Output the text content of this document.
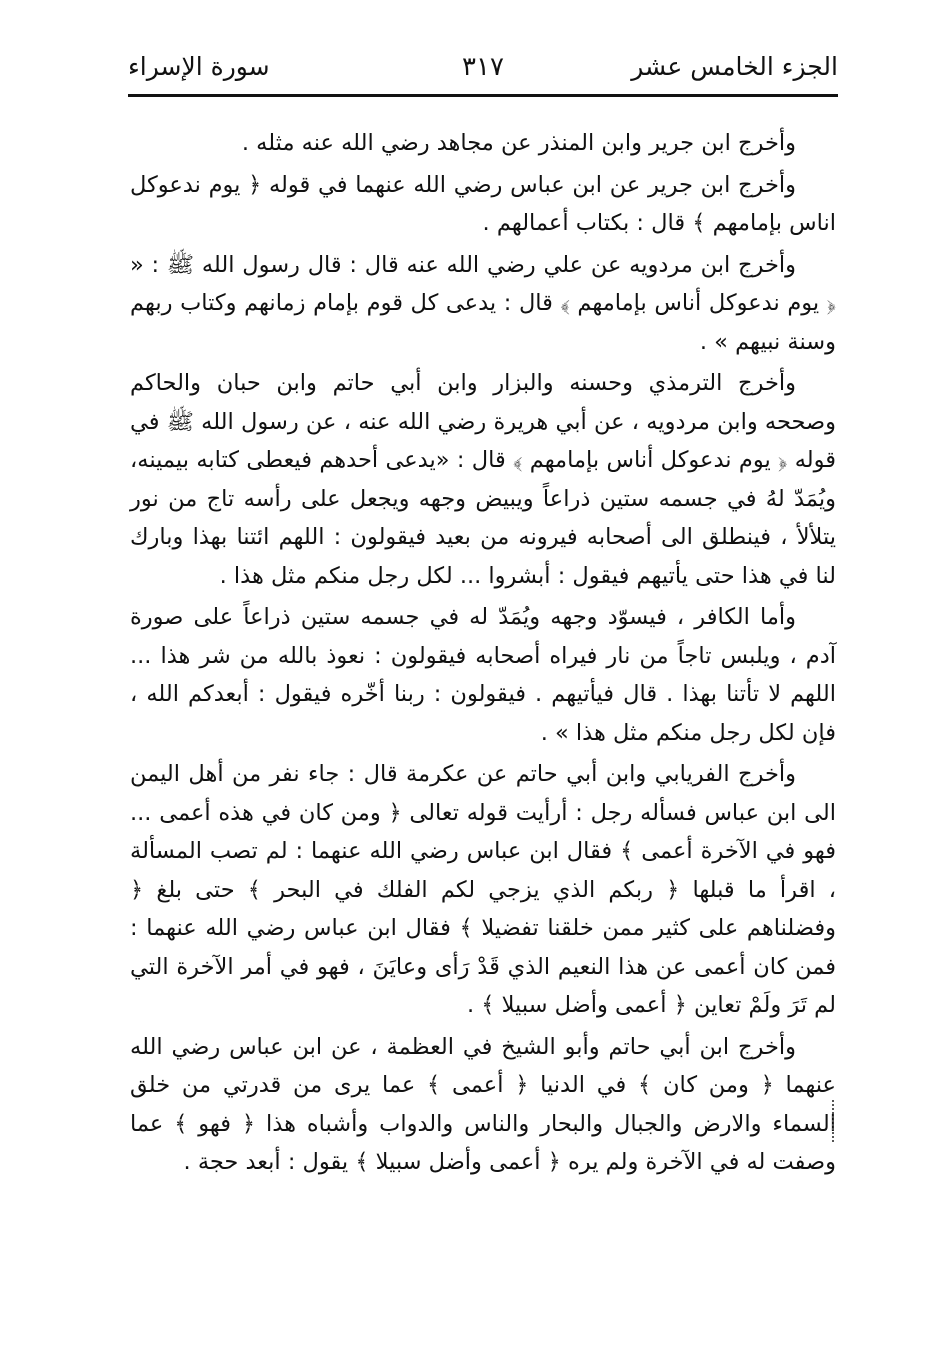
الجزء الخامس عشر
٣١٧
سورة الإسراء

وأخرج ابن جرير وابن المنذر عن مجاهد رضي الله عنه مثله .

وأخرج ابن جرير عن ابن عباس رضي الله عنهما في قوله ﴿ يوم ندعوكل اناس بإمامهم ﴾ قال : بكتاب أعمالهم .

وأخرج ابن مردويه عن علي رضي الله عنه قال : قال رسول الله ﷺ : « ﴿ يوم ندعوكل أناس بإمامهم ﴾ قال : يدعى كل قوم بإمام زمانهم وكتاب ربهم وسنة نبيهم » .

وأخرج الترمذي وحسنه والبزار وابن أبي حاتم وابن حبان والحاكم وصححه وابن مردويه ، عن أبي هريرة رضي الله عنه ، عن رسول الله ﷺ في قوله ﴿ يوم ندعوكل أناس بإمامهم ﴾ قال : «يدعى أحدهم فيعطى كتابه بيمينه، ويُمَدّ لهُ في جسمه ستين ذراعاً ويبيض وجهه ويجعل على رأسه تاج من نور يتلألأ ، فينطلق الى أصحابه فيرونه من بعيد فيقولون : اللهم ائتنا بهذا وبارك لنا في هذا حتى يأتيهم فيقول : أبشروا ... لكل رجل منكم مثل هذا .

وأما الكافر ، فيسوّد وجهه ويُمَدّ له في جسمه ستين ذراعاً على صورة آدم ، ويلبس تاجاً من نار فيراه أصحابه فيقولون : نعوذ بالله من شر هذا ... اللهم لا تأتنا بهذا . قال فيأتيهم . فيقولون : ربنا أخّره فيقول : أبعدكم الله ، فإن لكل رجل منكم مثل هذا » .

وأخرج الفريابي وابن أبي حاتم عن عكرمة قال : جاء نفر من أهل اليمن الى ابن عباس فسأله رجل : أرأيت قوله تعالى ﴿ ومن كان في هذه أعمى ... فهو في الآخرة أعمى ﴾ فقال ابن عباس رضي الله عنهما : لم تصب المسألة ، اقرأ ما قبلها ﴿ ربكم الذي يزجي لكم الفلك في البحر ﴾ حتى بلغ ﴿ وفضلناهم على كثير ممن خلقنا تفضيلا ﴾ فقال ابن عباس رضي الله عنهما : فمن كان أعمى عن هذا النعيم الذي قَدْ رَأى وعايَنَ ، فهو في أمر الآخرة التي لم تَرَ ولَمْ تعاين ﴿ أعمى وأضل سبيلا ﴾ .

وأخرج ابن أبي حاتم وأبو الشيخ في العظمة ، عن ابن عباس رضي الله عنهما ﴿ ومن كان ﴾ في الدنيا ﴿ أعمى ﴾ عما يرى من قدرتي من خلق السماء والارض والجبال والبحار والناس والدواب وأشباه هذا ﴿ فهو ﴾ عما وصفت له في الآخرة ولم يره ﴿ أعمى وأضل سبيلا ﴾ يقول : أبعد حجة .
